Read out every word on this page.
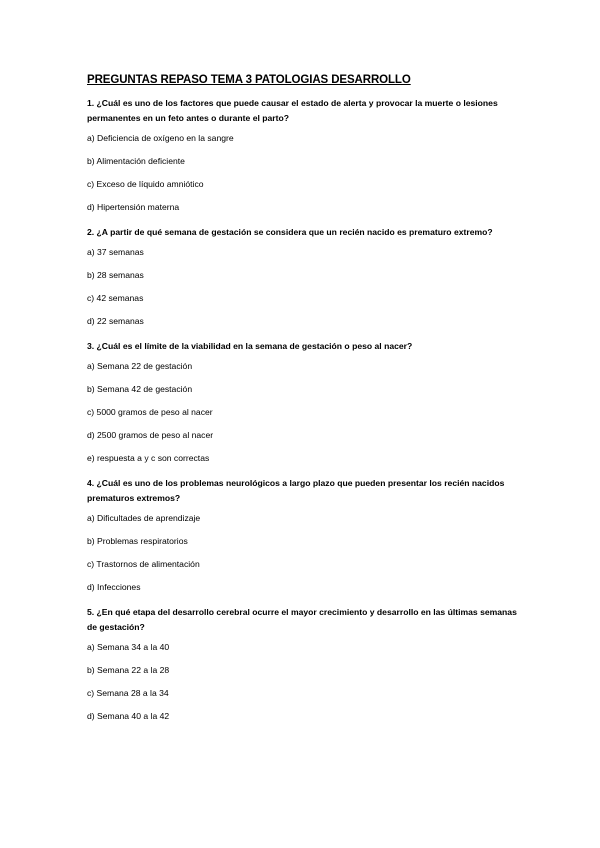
PREGUNTAS REPASO TEMA 3 PATOLOGIAS DESARROLLO
1. ¿Cuál es uno de los factores que puede causar el estado de alerta y provocar la muerte o lesiones permanentes en un feto antes o durante el parto?
a) Deficiencia de oxígeno en la sangre
b) Alimentación deficiente
c) Exceso de líquido amniótico
d) Hipertensión materna
2. ¿A partir de qué semana de gestación se considera que un recién nacido es prematuro extremo?
a) 37 semanas
b) 28 semanas
c) 42 semanas
d) 22 semanas
3. ¿Cuál es el límite de la viabilidad en la semana de gestación o peso al nacer?
a) Semana 22 de gestación
b) Semana 42 de gestación
c) 5000 gramos de peso al nacer
d) 2500 gramos de peso al nacer
e) respuesta a y c son correctas
4. ¿Cuál es uno de los problemas neurológicos a largo plazo que pueden presentar los recién nacidos prematuros extremos?
a) Dificultades de aprendizaje
b) Problemas respiratorios
c) Trastornos de alimentación
d) Infecciones
5. ¿En qué etapa del desarrollo cerebral ocurre el mayor crecimiento y desarrollo en las últimas semanas de gestación?
a) Semana 34 a la 40
b) Semana 22 a la 28
c) Semana 28 a la 34
d) Semana 40 a la 42
